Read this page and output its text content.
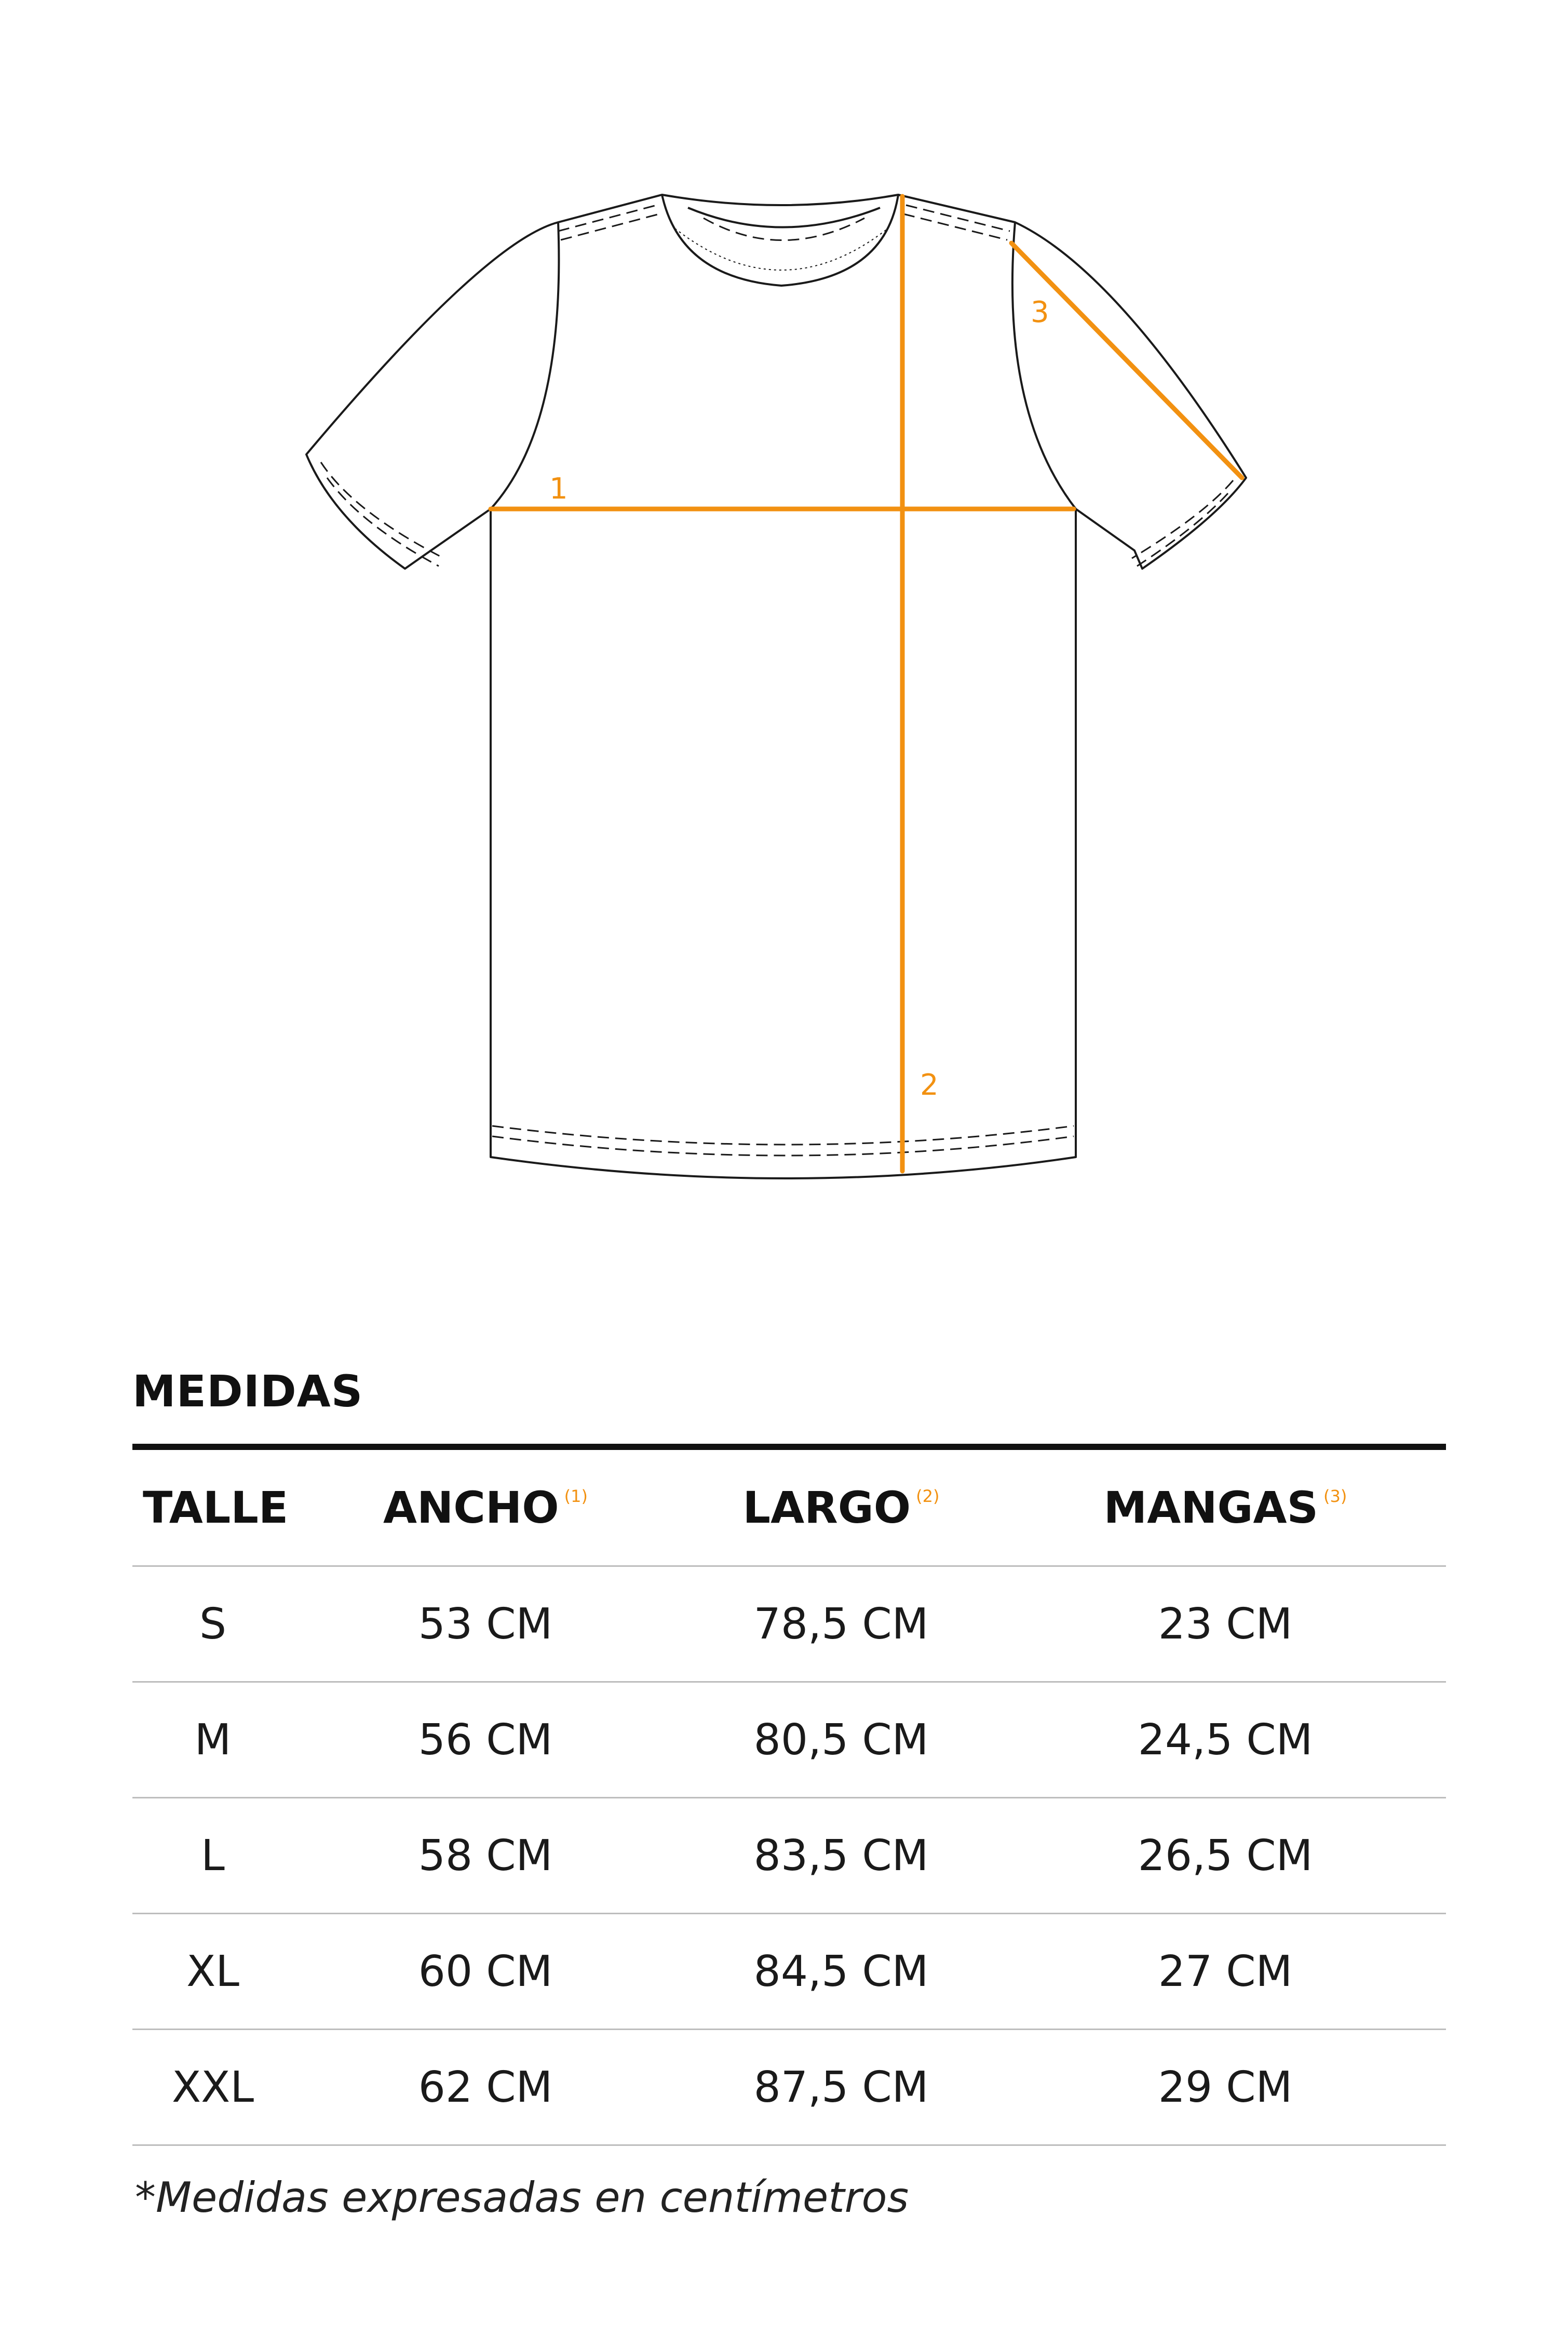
1
2
3
MEDIDAS
TALLE	ANCHO $^{(1)}$	LARGO $^{(2)}$	MANGAS $^{(3)}$
S	53 CM	78,5 CM	23 CM
M	56 CM	80,5 CM	24,5 CM
L	58 CM	83,5 CM	26,5 CM
XL	60 CM	84,5 CM	27 CM
XXL	62 CM	87,5 CM	29 CM
*Medidas expresadas en centímetros
